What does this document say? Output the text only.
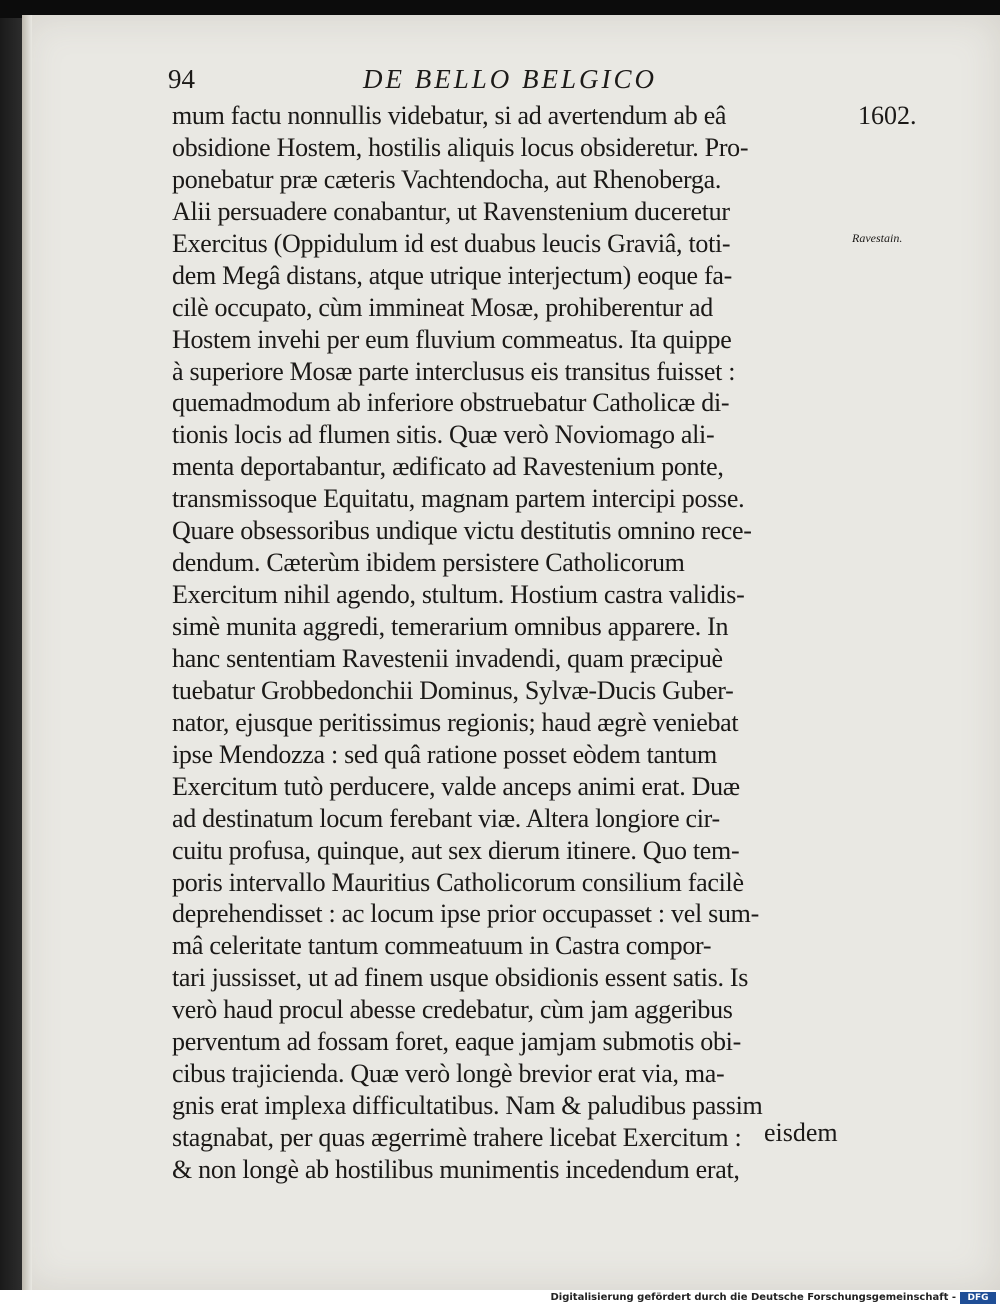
94	DE BELLO BELGICO
1602.
Ravestain.
mum factu nonnullis videbatur, si ad avertendum ab eâ
obsidione Hostem, hostilis aliquis locus obsideretur. Pro-
ponebatur præ cæteris Vachtendocha, aut Rhenoberga.
Alii persuadere conabantur, ut Ravenstenium duceretur
Exercitus (Oppidulum id est duabus leucis Graviâ, toti-
dem Megâ distans, atque utrique interjectum) eoque fa-
cilè occupato, cùm immineat Mosæ, prohiberentur ad
Hostem invehi per eum fluvium commeatus. Ita quippe
à superiore Mosæ parte interclusus eis transitus fuisset :
quemadmodum ab inferiore obstruebatur Catholicæ di-
tionis locis ad flumen sitis. Quæ verò Noviomago ali-
menta deportabantur, ædificato ad Ravestenium ponte,
transmissoque Equitatu, magnam partem intercipi posse.
Quare obsessoribus undique victu destitutis omnino rece-
dendum. Cæterùm ibidem persistere Catholicorum
Exercitum nihil agendo, stultum. Hostium castra validis-
simè munita aggredi, temerarium omnibus apparere. In
hanc sententiam Ravestenii invadendi, quam præcipuè
tuebatur Grobbedonchii Dominus, Sylvæ-Ducis Guber-
nator, ejusque peritissimus regionis; haud ægrè veniebat
ipse Mendozza : sed quâ ratione posset eòdem tantum
Exercitum tutò perducere, valde anceps animi erat. Duæ
ad destinatum locum ferebant viæ. Altera longiore cir-
cuitu profusa, quinque, aut sex dierum itinere. Quo tem-
poris intervallo Mauritius Catholicorum consilium facilè
deprehendisset : ac locum ipse prior occupasset : vel sum-
mâ celeritate tantum commeatuum in Castra compor-
tari jussisset, ut ad finem usque obsidionis essent satis. Is
verò haud procul abesse credebatur, cùm jam aggeribus
perventum ad fossam foret, eaque jamjam submotis obi-
cibus trajicienda. Quæ verò longè brevior erat via, ma-
gnis erat implexa difficultatibus. Nam & paludibus passim
stagnabat, per quas ægerrimè trahere licebat Exercitum :
& non longè ab hostilibus munimentis incedendum erat,
eisdem
Digitalisierung gefördert durch die Deutsche Forschungsgemeinschaft -	DFG
